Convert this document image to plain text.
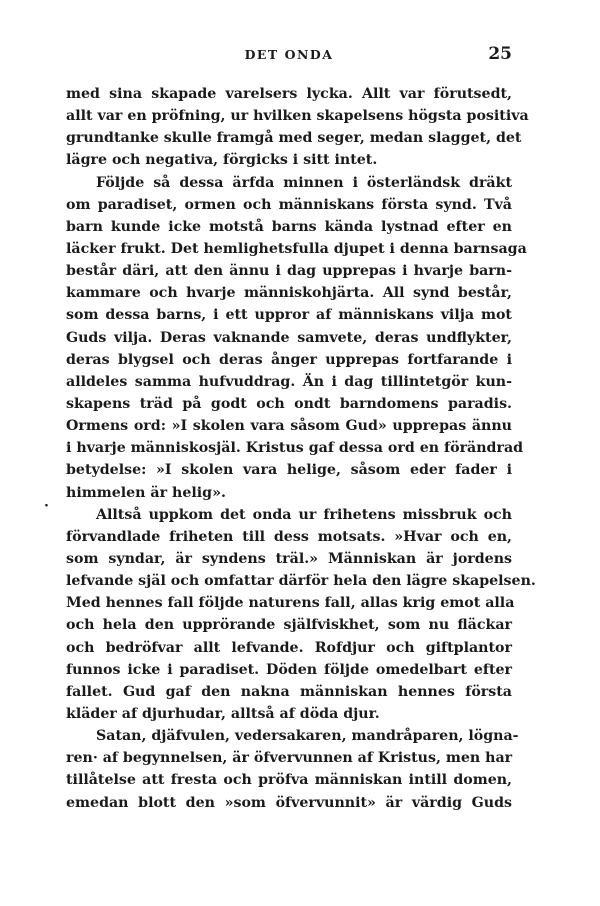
DET ONDA	25
·
med sina skapade varelsers lycka. Allt var förutsedt,
allt var en pröfning, ur hvilken skapelsens högsta positiva
grundtanke skulle framgå med seger, medan slagget, det
lägre och negativa, förgicks i sitt intet.
Följde så dessa ärfda minnen i österländsk dräkt
om paradiset, ormen och människans första synd. Två
barn kunde icke motstå barns kända lystnad efter en
läcker frukt. Det hemlighetsfulla djupet i denna barnsaga
består däri, att den ännu i dag upprepas i hvarje barn-
kammare och hvarje människohjärta. All synd består,
som dessa barns, i ett uppror af människans vilja mot
Guds vilja. Deras vaknande samvete, deras undflykter,
deras blygsel och deras ånger upprepas fortfarande i
alldeles samma hufvuddrag. Än i dag tillintetgör kun-
skapens träd på godt och ondt barndomens paradis.
Ormens ord: »I skolen vara såsom Gud» upprepas ännu
i hvarje människosjäl. Kristus gaf dessa ord en förändrad
betydelse: »I skolen vara helige, såsom eder fader i
himmelen är helig».
Alltså uppkom det onda ur frihetens missbruk och
förvandlade friheten till dess motsats. »Hvar och en,
som syndar, är syndens träl.» Människan är jordens
lefvande själ och omfattar därför hela den lägre skapelsen.
Med hennes fall följde naturens fall, allas krig emot alla
och hela den upprörande själfviskhet, som nu fläckar
och bedröfvar allt lefvande. Rofdjur och giftplantor
funnos icke i paradiset. Döden följde omedelbart efter
fallet. Gud gaf den nakna människan hennes första
kläder af djurhudar, alltså af döda djur.
Satan, djäfvulen, vedersakaren, mandråparen, lögna-
ren· af begynnelsen, är öfvervunnen af Kristus, men har
tillåtelse att fresta och pröfva människan intill domen,
emedan blott den »som öfvervunnit» är värdig Guds
